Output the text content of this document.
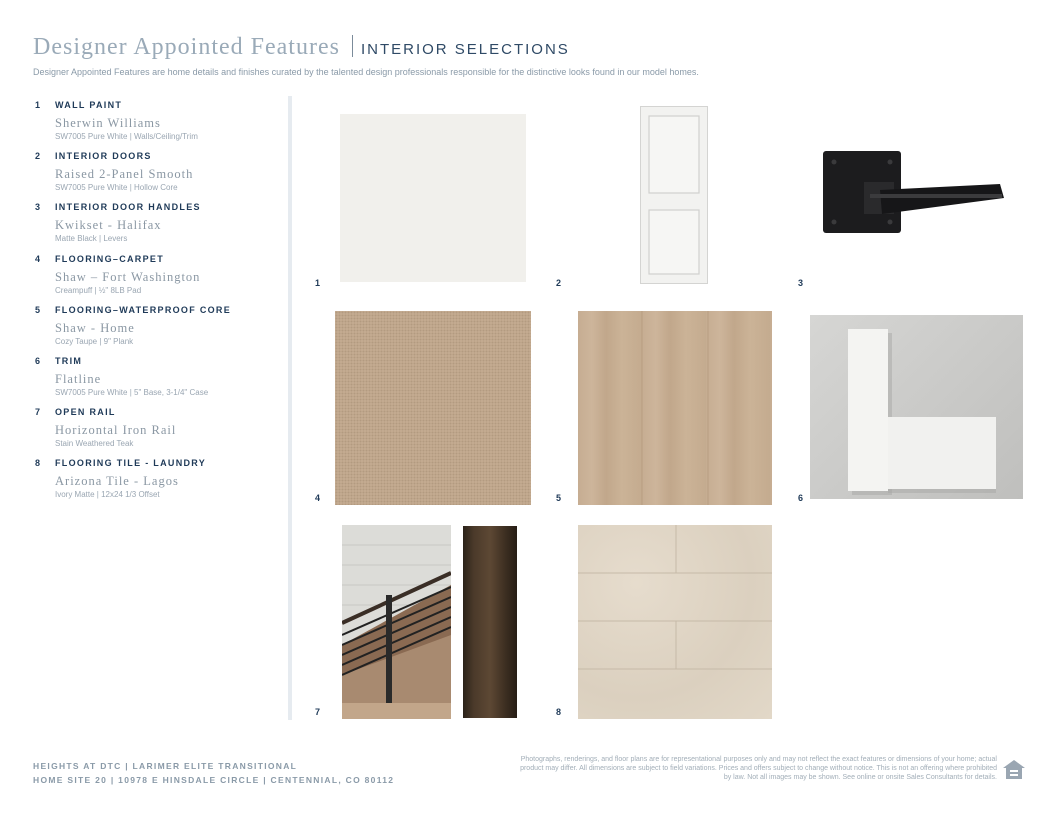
Designer Appointed Features INTERIOR SELECTIONS
Designer Appointed Features are home details and finishes curated by the talented design professionals responsible for the distinctive looks found in our model homes.
1 WALL PAINT
Sherwin Williams
SW7005 Pure White | Walls/Ceiling/Trim
2 INTERIOR DOORS
Raised 2-Panel Smooth
SW7005 Pure White | Hollow Core
3 INTERIOR DOOR HANDLES
Kwikset - Halifax
Matte Black | Levers
4 FLOORING–CARPET
Shaw – Fort Washington
Creampuff | ½" 8LB Pad
5 FLOORING–WATERPROOF CORE
Shaw - Home
Cozy Taupe | 9" Plank
6 TRIM
Flatline
SW7005 Pure White | 5" Base, 3-1/4" Case
7 OPEN RAIL
Horizontal Iron Rail
Stain Weathered Teak
8 FLOORING TILE - LAUNDRY
Arizona Tile - Lagos
Ivory Matte | 12x24 1/3 Offset
1	2	3
4	5	6
7	8
HEIGHTS AT DTC | LARIMER ELITE TRANSITIONAL
HOME SITE 20 | 10978 E HINSDALE CIRCLE | CENTENNIAL, CO 80112
Photographs, renderings, and floor plans are for representational purposes only and may not reflect the exact features or dimensions of your home; actual product may differ. All dimensions are subject to field variations. Prices and offers subject to change without notice. This is not an offering where prohibited by law. Not all images may be shown. See online or onsite Sales Consultants for details.
